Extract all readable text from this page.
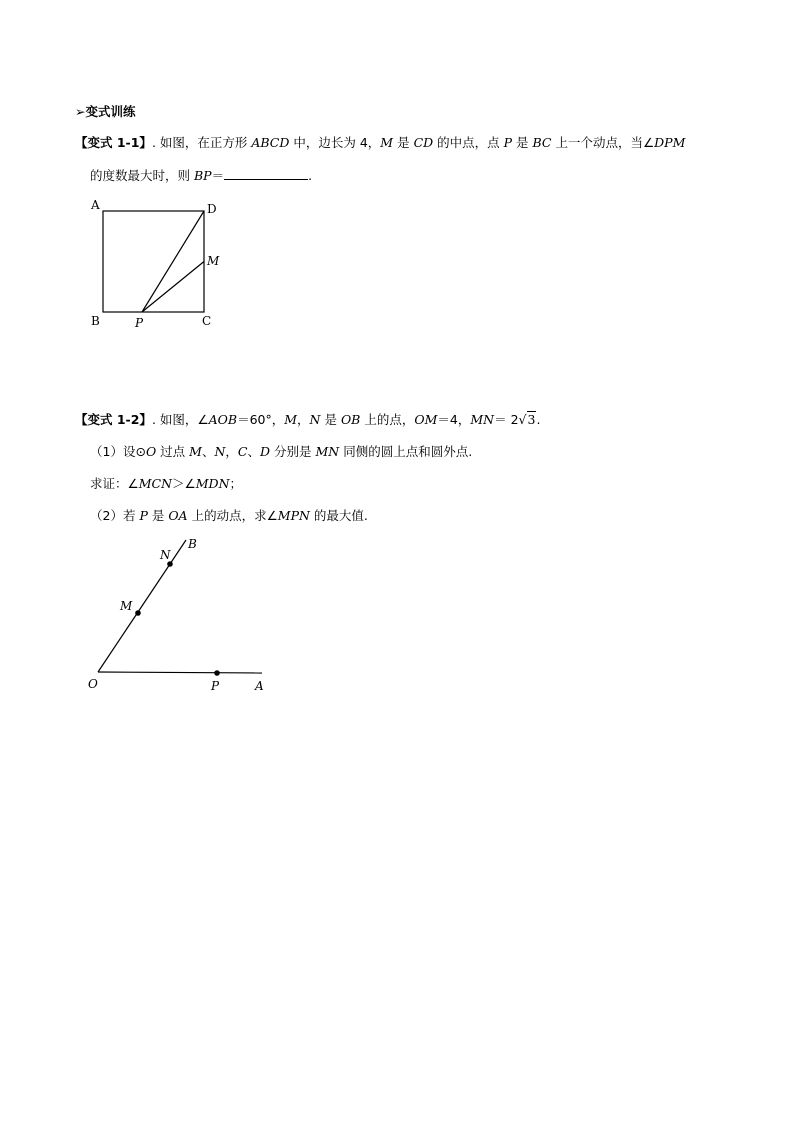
➢变式训练
【变式 1-1】. 如图，在正方形 ABCD 中，边长为 4，M 是 CD 的中点，点 P 是 BC 上一个动点，当∠DPM
的度数最大时，则 BP＝	.
A	D
M
B	P	C
【变式 1-2】. 如图，∠AOB＝60°，M，N 是 OB 上的点，OM＝4，MN＝ 2√3.
（1）设⊙O 过点 M、N，C、D 分别是 MN 同侧的圆上点和圆外点.
求证：∠MCN＞∠MDN；
（2）若 P 是 OA 上的动点，求∠MPN 的最大值.
B
N
M
O	P	A
